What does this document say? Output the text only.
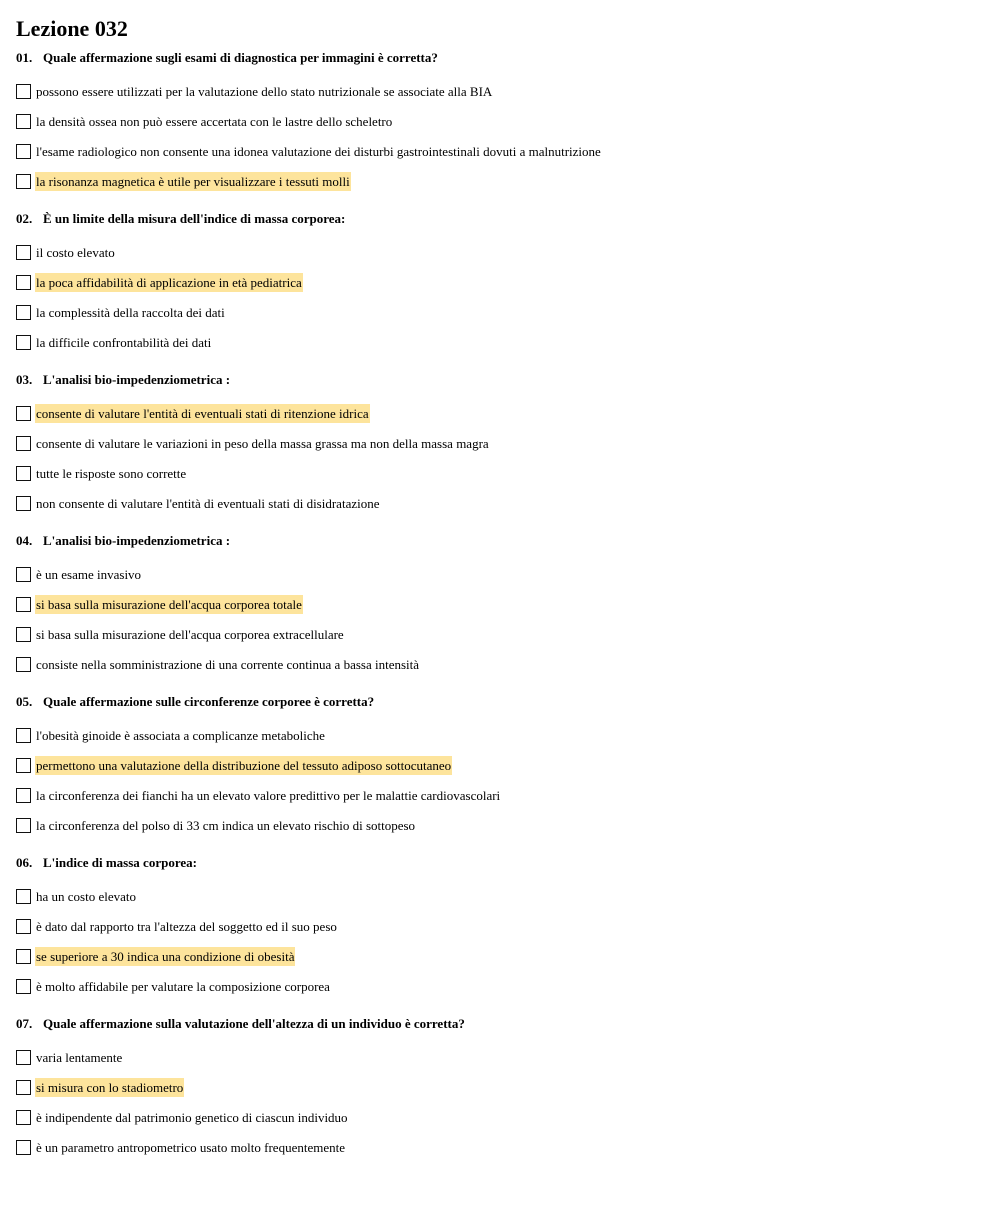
Lezione 032
01. Quale affermazione sugli esami di diagnostica per immagini è corretta?
possono essere utilizzati per la valutazione dello stato nutrizionale se associate alla BIA
la densità ossea non può essere accertata con le lastre dello scheletro
l'esame radiologico non consente una idonea valutazione dei disturbi gastrointestinali dovuti a malnutrizione
la risonanza magnetica è utile per visualizzare i tessuti molli
02. È un limite della misura dell'indice di massa corporea:
il costo elevato
la poca affidabilità di applicazione in età pediatrica
la complessità della raccolta dei dati
la difficile confrontabilità dei dati
03. L'analisi bio-impedenziometrica :
consente di valutare l'entità di eventuali stati di ritenzione idrica
consente di valutare le variazioni in peso della massa grassa ma non della massa magra
tutte le risposte sono corrette
non consente di valutare l'entità di eventuali stati di disidratazione
04. L'analisi bio-impedenziometrica :
è un esame invasivo
si basa sulla misurazione dell'acqua corporea totale
si basa sulla misurazione dell'acqua corporea extracellulare
consiste nella somministrazione di una corrente continua a bassa intensità
05. Quale affermazione sulle circonferenze corporee è corretta?
l'obesità ginoide è associata a complicanze metaboliche
permettono una valutazione della distribuzione del tessuto adiposo sottocutaneo
la circonferenza dei fianchi ha un elevato valore predittivo per le malattie cardiovascolari
la circonferenza del polso di 33 cm indica un elevato rischio di sottopeso
06. L'indice di massa corporea:
ha un costo elevato
è dato dal rapporto tra l'altezza del soggetto ed il suo peso
se superiore a 30 indica una condizione di obesità
è molto affidabile per valutare la composizione corporea
07. Quale affermazione sulla valutazione dell'altezza di un individuo è corretta?
varia lentamente
si misura con lo stadiometro
è indipendente dal patrimonio genetico di ciascun individuo
è un parametro antropometrico usato molto frequentemente
